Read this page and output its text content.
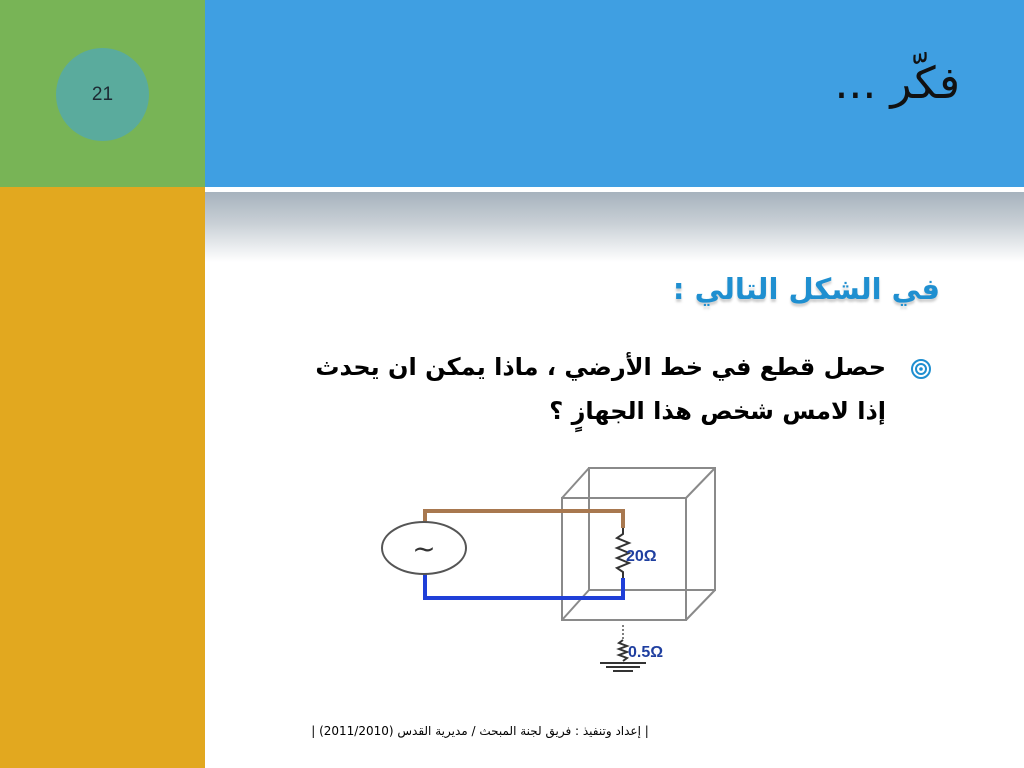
21	فكّر ...
في الشكل التالي :
حصل قطع في خط الأرضي ، ماذا يمكن ان يحدث
إذا لامس شخص هذا الجهازٍ ؟
~	20Ω
0.5Ω
| إعداد وتنفيذ : فريق لجنة المبحث / مديرية القدس (2011/2010) |
